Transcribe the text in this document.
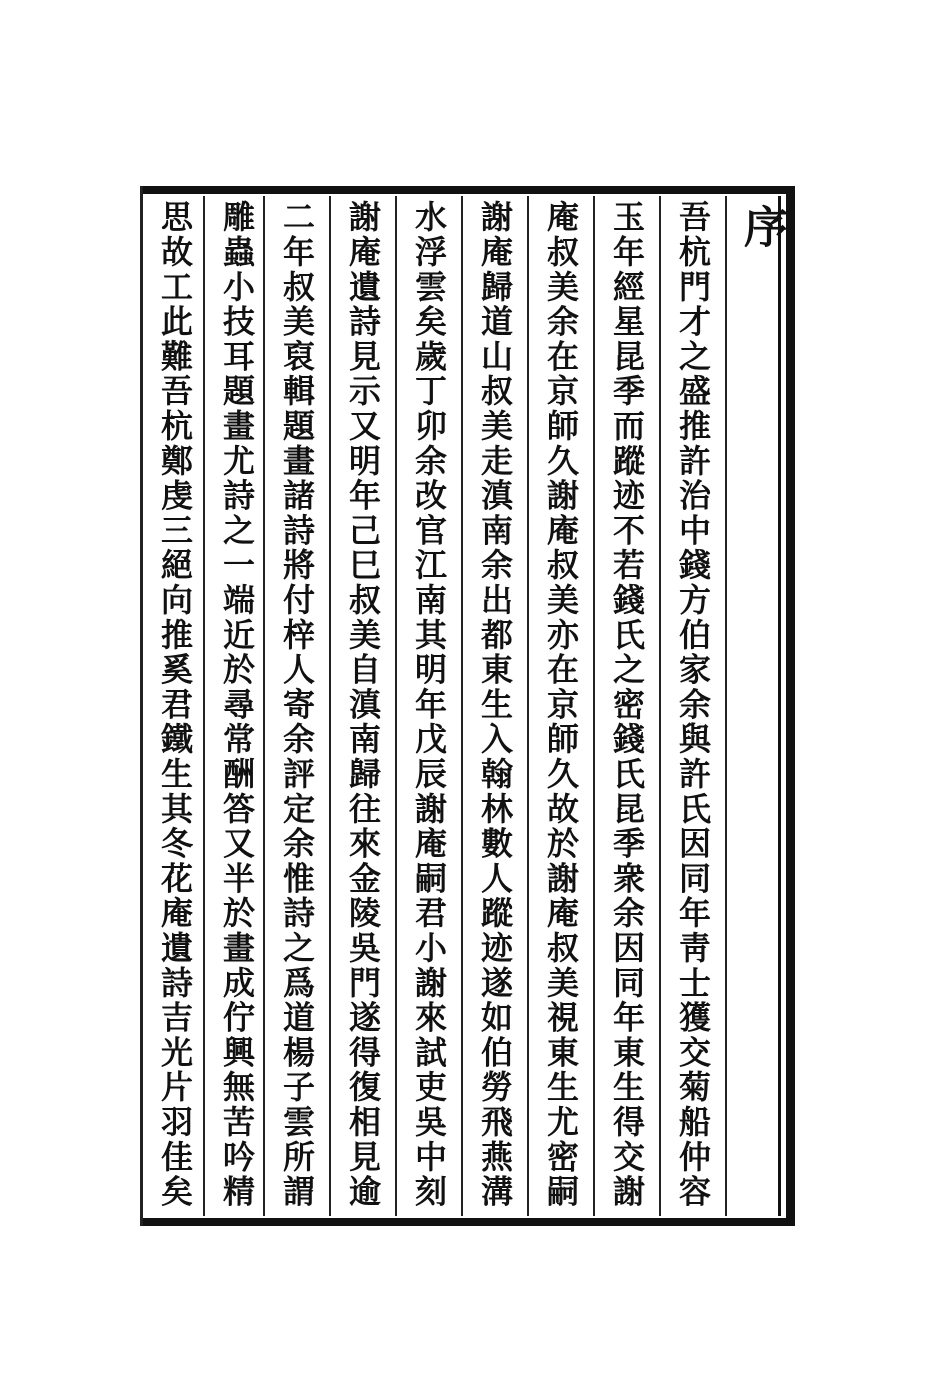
序
吾杭門才之盛推許治中錢方伯家余與許氏因同年靑士獲交菊船仲容
玉年經星昆季而蹤迹不若錢氏之密錢氏昆季衆余因同年東生得交謝
庵叔美余在京師久謝庵叔美亦在京師久故於謝庵叔美視東生尤密嗣
謝庵歸道山叔美走滇南余出都東生入翰林數人蹤迹遂如伯勞飛燕溝
水浮雲矣歲丁卯余改官江南其明年戊辰謝庵嗣君小謝來試吏吳中刻
謝庵遺詩見示又明年己巳叔美自滇南歸往來金陵吳門遂得復相見逾
二年叔美裒輯題畫諸詩將付梓人寄余評定余惟詩之爲道楊子雲所謂
雕蟲小技耳題畫尤詩之一端近於尋常酬答又半於畫成佇興無苦吟精
思故工此難吾杭鄭虔三絕向推奚君鐵生其冬花庵遺詩吉光片羽佳矣
